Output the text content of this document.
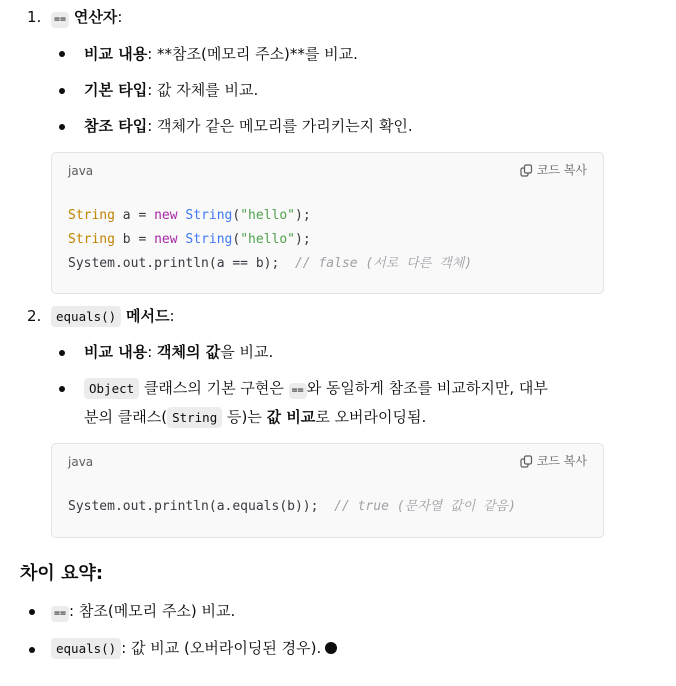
1.	== 연산자:
비교 내용: **참조(메모리 주소)**를 비교.
기본 타입: 값 자체를 비교.
참조 타입: 객체가 같은 메모리를 가리키는지 확인.
java	코드 복사
String a = new String("hello");
String b = new String("hello");
System.out.println(a == b);  // false (서로 다른 객체)
2.	equals() 메서드:
비교 내용: 객체의 값을 비교.
Object 클래스의 기본 구현은 == 와 동일하게 참조를 비교하지만, 대부
분의 클래스( String 등)는 값 비교로 오버라이딩됨.
java	코드 복사
System.out.println(a.equals(b));  // true (문자열 값이 같음)
차이 요약:
== : 참조(메모리 주소) 비교.
equals() : 값 비교 (오버라이딩된 경우).
